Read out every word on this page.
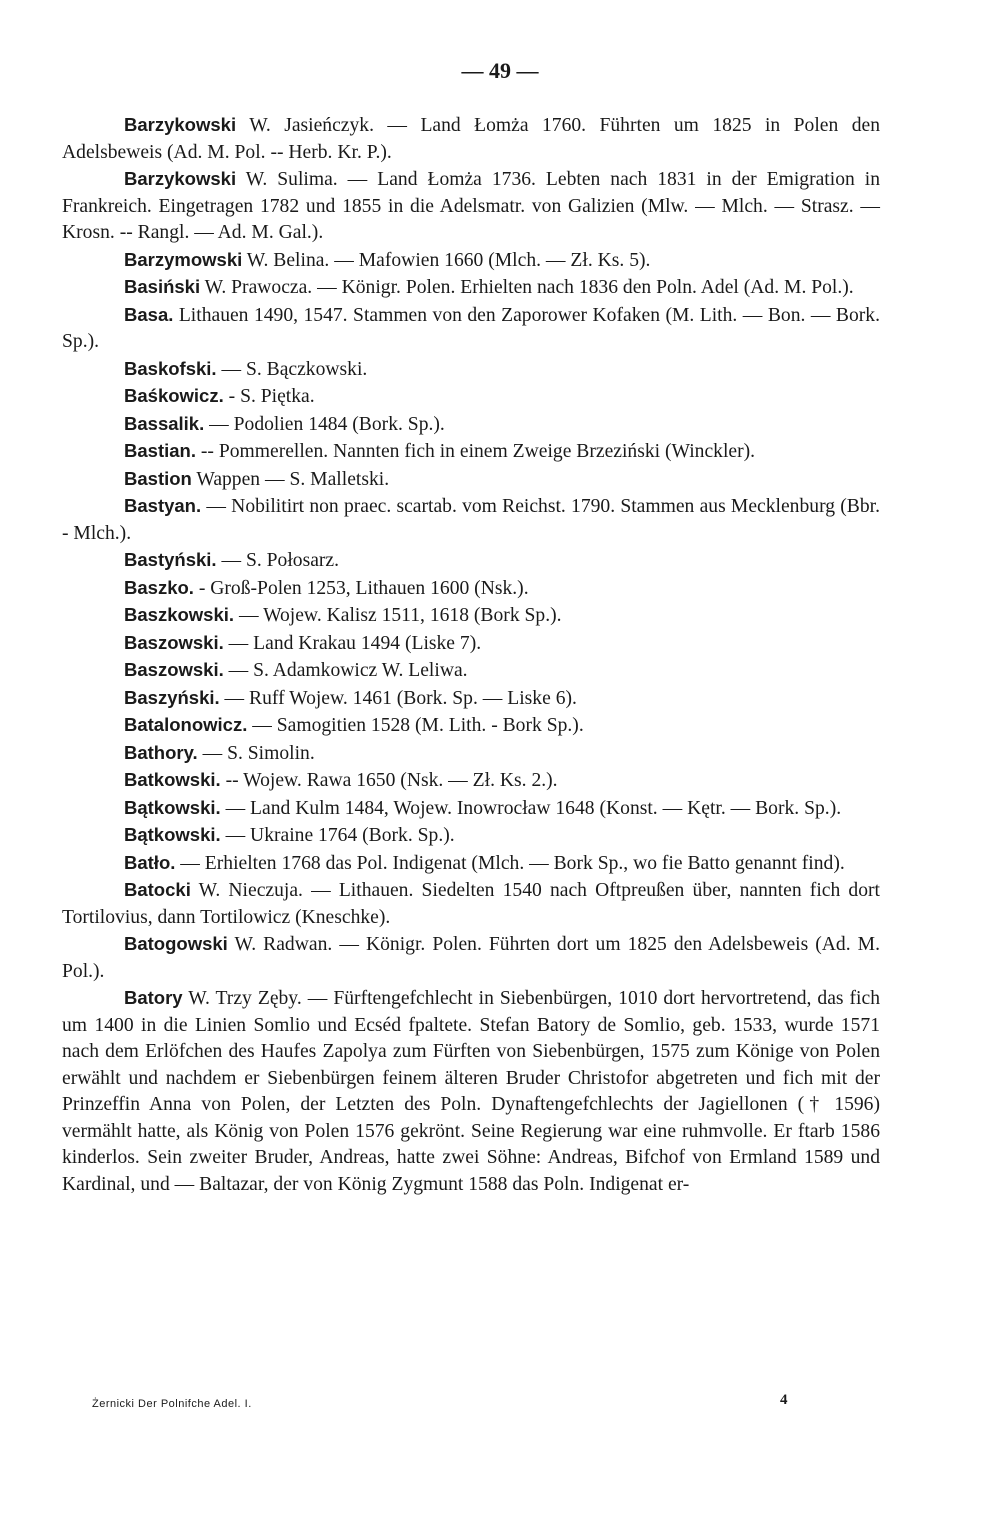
— 49 —

Barzykowski W. Jasieńczyk. — Land Łomża 1760. Führten um 1825 in Polen den Adelsbeweis (Ad. M. Pol. -- Herb. Kr. P.).

Barzykowski W. Sulima. — Land Łomża 1736. Lebten nach 1831 in der Emigration in Frankreich. Eingetragen 1782 und 1855 in die Adelsmatr. von Galizien (Mlw. — Mlch. — Strasz. — Krosn. -- Rangl. — Ad. M. Gal.).

Barzymowski W. Belina. — Mafowien 1660 (Mlch. — Zł. Ks. 5).

Basiński W. Prawocza. — Königr. Polen. Erhielten nach 1836 den Poln. Adel (Ad. M. Pol.).

Basa. Lithauen 1490, 1547. Stammen von den Zaporower Kofaken (M. Lith. — Bon. — Bork. Sp.).

Baskofski. — S. Bączkowski.

Baśkowicz. - S. Piętka.

Bassalik. — Podolien 1484 (Bork. Sp.).

Bastian. -- Pommerellen. Nannten fich in einem Zweige Brzeziński (Winckler).

Bastion Wappen — S. Malletski.

Bastyan. — Nobilitirt non praec. scartab. vom Reichst. 1790. Stammen aus Mecklenburg (Bbr. - Mlch.).

Bastyński. — S. Połosarz.

Baszko. - Groß-Polen 1253, Lithauen 1600 (Nsk.).

Baszkowski. — Wojew. Kalisz 1511, 1618 (Bork Sp.).

Baszowski. — Land Krakau 1494 (Liske 7).

Baszowski. — S. Adamkowicz W. Leliwa.

Baszyński. — Ruff Wojew. 1461 (Bork. Sp. — Liske 6).

Batalonowicz. — Samogitien 1528 (M. Lith. - Bork Sp.).

Bathory. — S. Simolin.

Batkowski. -- Wojew. Rawa 1650 (Nsk. — Zł. Ks. 2.).

Bątkowski. — Land Kulm 1484, Wojew. Inowrocław 1648 (Konst. — Kętr. — Bork. Sp.).

Bątkowski. — Ukraine 1764 (Bork. Sp.).

Batło. — Erhielten 1768 das Pol. Indigenat (Mlch. — Bork Sp., wo fie Batto genannt find).

Batocki W. Nieczuja. — Lithauen. Siedelten 1540 nach Oftpreußen über, nannten fich dort Tortilovius, dann Tortilowicz (Kneschke).

Batogowski W. Radwan. — Königr. Polen. Führten dort um 1825 den Adelsbeweis (Ad. M. Pol.).

Batory W. Trzy Zęby. — Fürftengefchlecht in Siebenbürgen, 1010 dort hervortretend, das fich um 1400 in die Linien Somlio und Ecséd fpaltete. Stefan Batory de Somlio, geb. 1533, wurde 1571 nach dem Erlöfchen des Haufes Zapolya zum Fürften von Siebenbürgen, 1575 zum Könige von Polen erwählt und nachdem er Siebenbürgen feinem älteren Bruder Christofor abgetreten und fich mit der Prinzeffin Anna von Polen, der Letzten des Poln. Dynaftengefchlechts der Jagiellonen († 1596) vermählt hatte, als König von Polen 1576 gekrönt. Seine Regierung war eine ruhmvolle. Er ftarb 1586 kinderlos. Sein zweiter Bruder, Andreas, hatte zwei Söhne: Andreas, Bifchof von Ermland 1589 und Kardinal, und — Baltazar, der von König Zygmunt 1588 das Poln. Indigenat er-

Żernicki Der Polnifche Adel. I.	4
